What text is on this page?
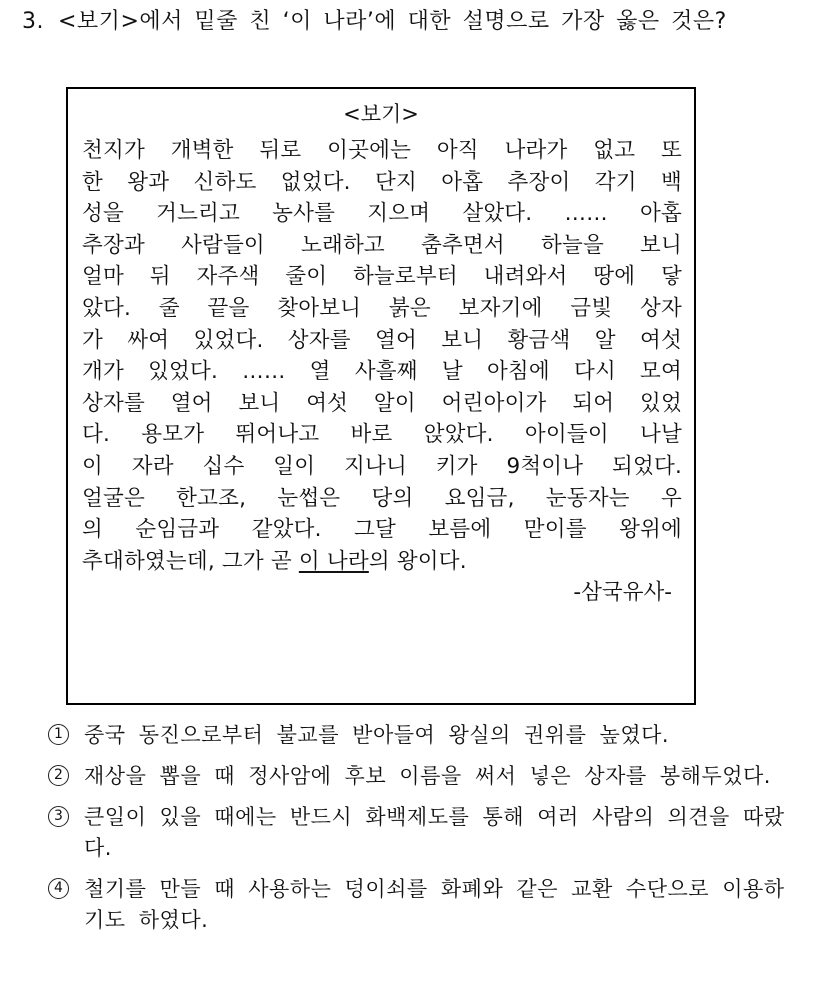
3. <보기>에서 밑줄 친 ‘이 나라’에 대한 설명으로 가장 옳은 것은?
<보기>
천지가 개벽한 뒤로 이곳에는 아직 나라가 없고 또
한 왕과 신하도 없었다. 단지 아홉 추장이 각기 백
성을 거느리고 농사를 지으며 살았다. …… 아홉
추장과 사람들이 노래하고 춤추면서 하늘을 보니
얼마 뒤 자주색 줄이 하늘로부터 내려와서 땅에 닿
았다. 줄 끝을 찾아보니 붉은 보자기에 금빛 상자
가 싸여 있었다. 상자를 열어 보니 황금색 알 여섯
개가 있었다. …… 열 사흘째 날 아침에 다시 모여
상자를 열어 보니 여섯 알이 어린아이가 되어 있었
다. 용모가 뛰어나고 바로 앉았다. 아이들이 나날
이 자라 십수 일이 지나니 키가 9척이나 되었다.
얼굴은 한고조, 눈썹은 당의 요임금, 눈동자는 우
의 순임금과 같았다. 그달 보름에 맏이를 왕위에
추대하였는데, 그가 곧 이 나라의 왕이다.
-삼국유사-
1 중국 동진으로부터 불교를 받아들여 왕실의 권위를 높였다.
2 재상을 뽑을 때 정사암에 후보 이름을 써서 넣은 상자를 봉해두었다.
3 큰일이 있을 때에는 반드시 화백제도를 통해 여러 사람의 의견을 따랐다.
4 철기를 만들 때 사용하는 덩이쇠를 화폐와 같은 교환 수단으로 이용하기도 하였다.
